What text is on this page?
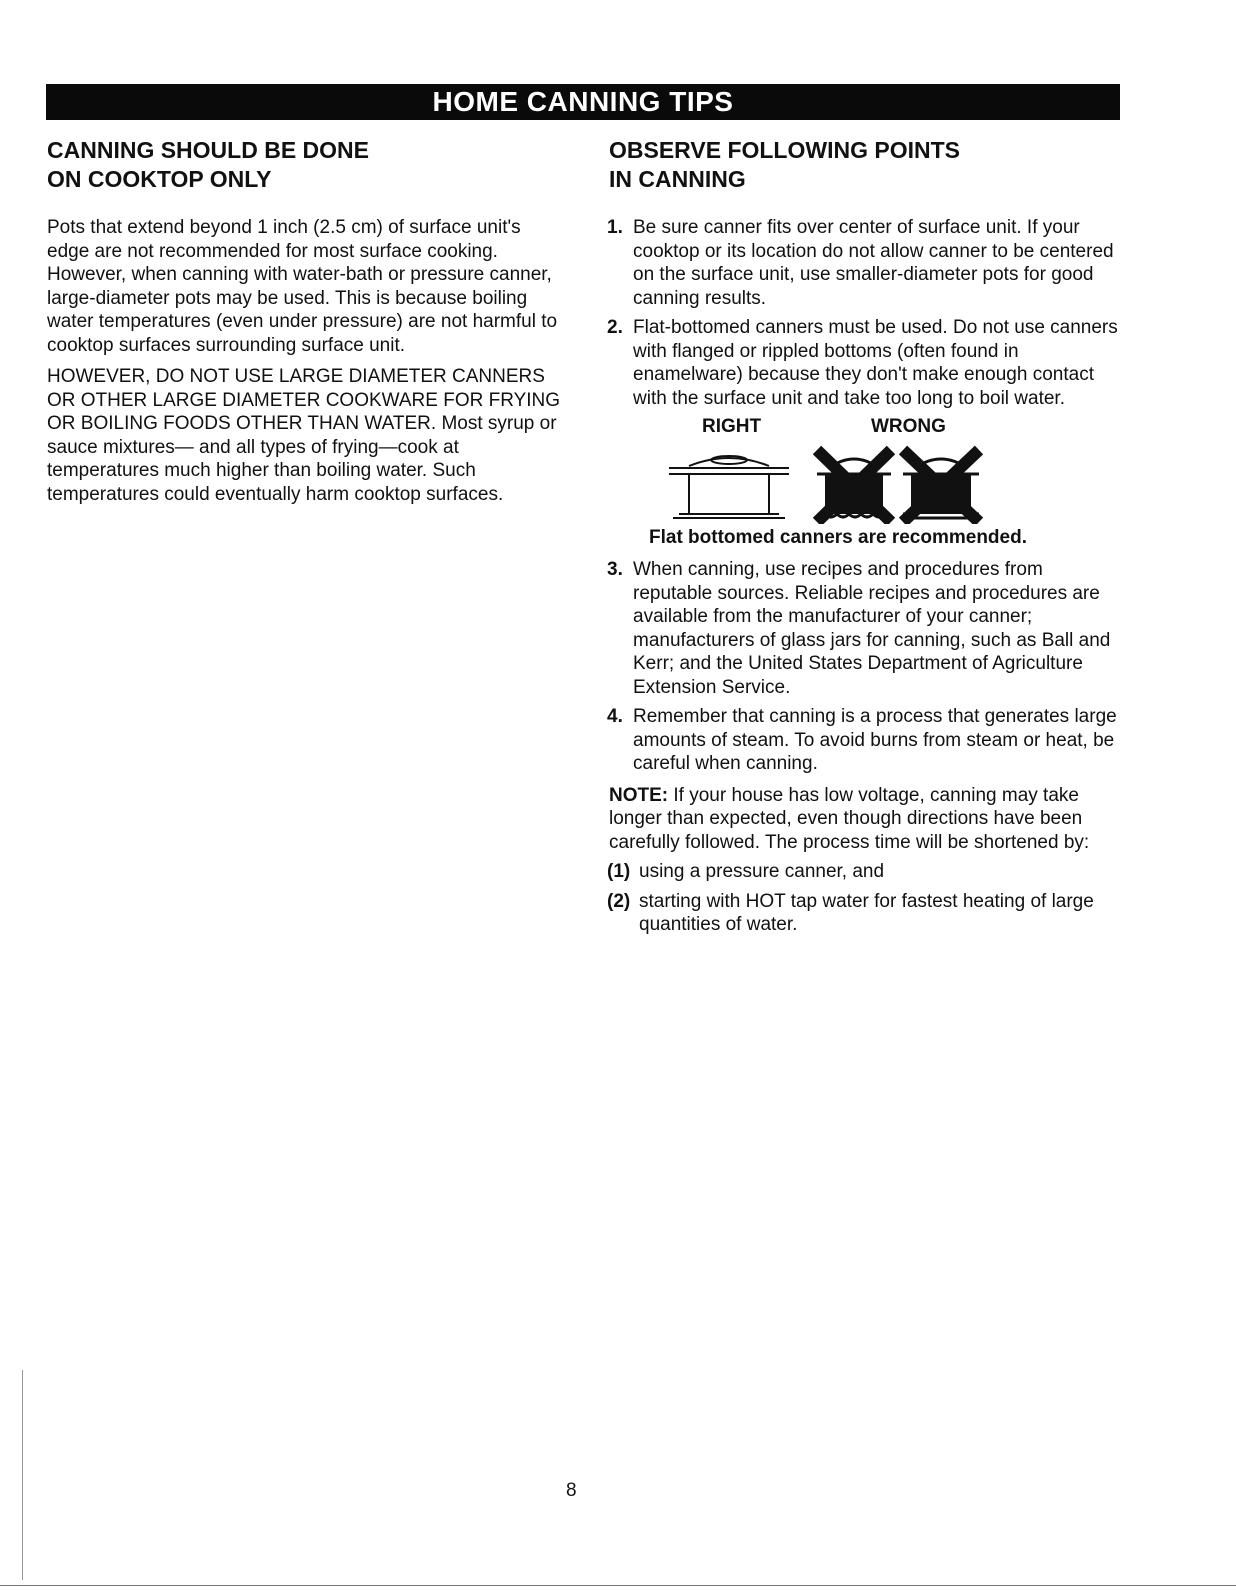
HOME CANNING TIPS
CANNING SHOULD BE DONE
ON COOKTOP ONLY

Pots that extend beyond 1 inch (2.5 cm) of surface unit's edge are not recommended for most surface cooking. However, when canning with water-bath or pressure canner, large-diameter pots may be used. This is because boiling water temperatures (even under pressure) are not harmful to cooktop surfaces surrounding surface unit.

HOWEVER, DO NOT USE LARGE DIAMETER CANNERS OR OTHER LARGE DIAMETER COOKWARE FOR FRYING OR BOILING FOODS OTHER THAN WATER. Most syrup or sauce mixtures— and all types of frying—cook at temperatures much higher than boiling water. Such temperatures could eventually harm cooktop surfaces.

OBSERVE FOLLOWING POINTS
IN CANNING
1. Be sure canner fits over center of surface unit. If your cooktop or its location do not allow canner to be centered on the surface unit, use smaller-diameter pots for good canning results.
2. Flat-bottomed canners must be used. Do not use canners with flanged or rippled bottoms (often found in enamelware) because they don't make enough contact with the surface unit and take too long to boil water.
RIGHT	WRONG
Flat bottomed canners are recommended.
3. When canning, use recipes and procedures from reputable sources. Reliable recipes and procedures are available from the manufacturer of your canner; manufacturers of glass jars for canning, such as Ball and Kerr; and the United States Department of Agriculture Extension Service.
4. Remember that canning is a process that generates large amounts of steam. To avoid burns from steam or heat, be careful when canning.

NOTE: If your house has low voltage, canning may take longer than expected, even though directions have been carefully followed. The process time will be shortened by:

(1) using a pressure canner, and
(2) starting with HOT tap water for fastest heating of large quantities of water.
8
